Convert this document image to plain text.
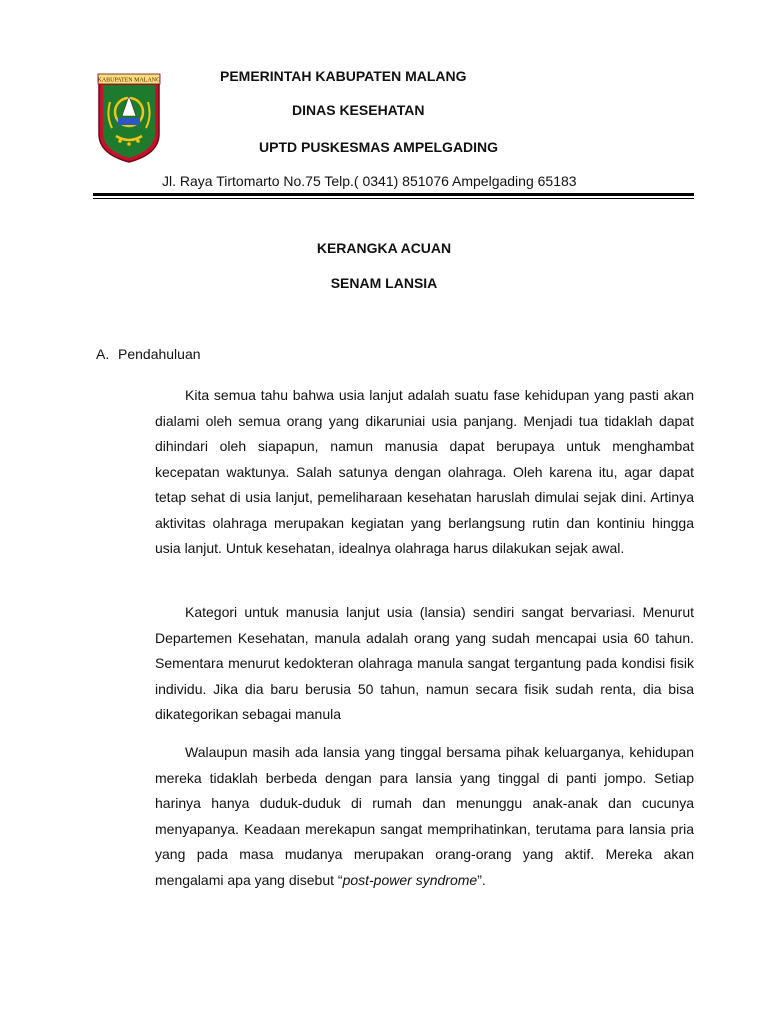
KABUPATEN MALANG	PEMERINTAH KABUPATEN MALANG
DINAS KESEHATAN
UPTD PUSKESMAS AMPELGADING
Jl. Raya Tirtomarto No.75 Telp.( 0341) 851076 Ampelgading 65183
KERANGKA ACUAN
SENAM LANSIA
A. Pendahuluan

Kita semua tahu bahwa usia lanjut adalah suatu fase kehidupan yang pasti akan dialami oleh semua orang yang dikaruniai usia panjang. Menjadi tua tidaklah dapat dihindari oleh siapapun, namun manusia dapat berupaya untuk menghambat kecepatan waktunya. Salah satunya dengan olahraga. Oleh karena itu, agar dapat tetap sehat di usia lanjut, pemeliharaan kesehatan haruslah dimulai sejak dini. Artinya aktivitas olahraga merupakan kegiatan yang berlangsung rutin dan kontiniu hingga usia lanjut. Untuk kesehatan, idealnya olahraga harus dilakukan sejak awal.

Kategori untuk manusia lanjut usia (lansia) sendiri sangat bervariasi. Menurut Departemen Kesehatan, manula adalah orang yang sudah mencapai usia 60 tahun. Sementara menurut kedokteran olahraga manula sangat tergantung pada kondisi fisik individu. Jika dia baru berusia 50 tahun, namun secara fisik sudah renta, dia bisa dikategorikan sebagai manula

Walaupun masih ada lansia yang tinggal bersama pihak keluarganya, kehidupan mereka tidaklah berbeda dengan para lansia yang tinggal di panti jompo. Setiap harinya hanya duduk-duduk di rumah dan menunggu anak-anak dan cucunya menyapanya. Keadaan merekapun sangat memprihatinkan, terutama para lansia pria yang pada masa mudanya merupakan orang-orang yang aktif. Mereka akan mengalami apa yang disebut “post-power syndrome”.
